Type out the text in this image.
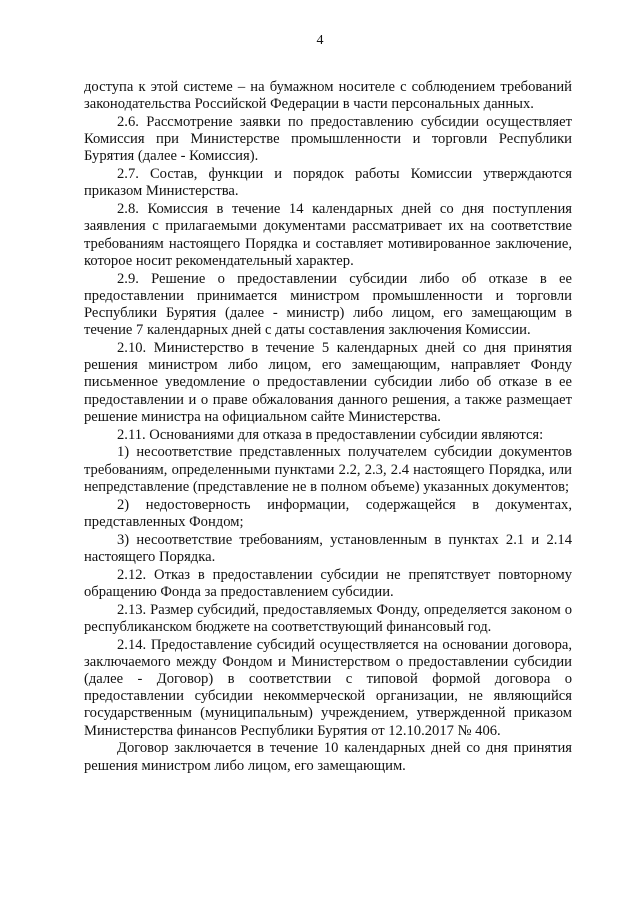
4

доступа к этой системе – на бумажном носителе с соблюдением требований законодательства Российской Федерации в части персональных данных.

2.6. Рассмотрение заявки по предоставлению субсидии осуществляет Комиссия при Министерстве промышленности и торговли Республики Бурятия (далее - Комиссия).

2.7. Состав, функции и порядок работы Комиссии утверждаются приказом Министерства.

2.8. Комиссия в течение 14 календарных дней со дня поступления заявления с прилагаемыми документами рассматривает их на соответствие требованиям настоящего Порядка и составляет мотивированное заключение, которое носит рекомендательный характер.

2.9. Решение о предоставлении субсидии либо об отказе в ее предоставлении принимается министром промышленности и торговли Республики Бурятия (далее - министр) либо лицом, его замещающим в течение 7 календарных дней с даты составления заключения Комиссии.

2.10. Министерство в течение 5 календарных дней со дня принятия решения министром либо лицом, его замещающим, направляет Фонду письменное уведомление о предоставлении субсидии либо об отказе в ее предоставлении и о праве обжалования данного решения, а также размещает решение министра на официальном сайте Министерства.

2.11. Основаниями для отказа в предоставлении субсидии являются:

1) несоответствие представленных получателем субсидии документов требованиям, определенными пунктами 2.2, 2.3, 2.4 настоящего Порядка, или непредставление (представление не в полном объеме) указанных документов;

2) недостоверность информации, содержащейся в документах, представленных Фондом;

3) несоответствие требованиям, установленным в пунктах 2.1 и 2.14 настоящего Порядка.

2.12. Отказ в предоставлении субсидии не препятствует повторному обращению Фонда за предоставлением субсидии.

2.13. Размер субсидий, предоставляемых Фонду, определяется законом о республиканском бюджете на соответствующий финансовый год.

2.14. Предоставление субсидий осуществляется на основании договора, заключаемого между Фондом и Министерством о предоставлении субсидии (далее - Договор) в соответствии с типовой формой договора о предоставлении субсидии некоммерческой организации, не являющийся государственным (муниципальным) учреждением, утвержденной приказом Министерства финансов Республики Бурятия от 12.10.2017 № 406.

Договор заключается в течение 10 календарных дней со дня принятия решения министром либо лицом, его замещающим.
